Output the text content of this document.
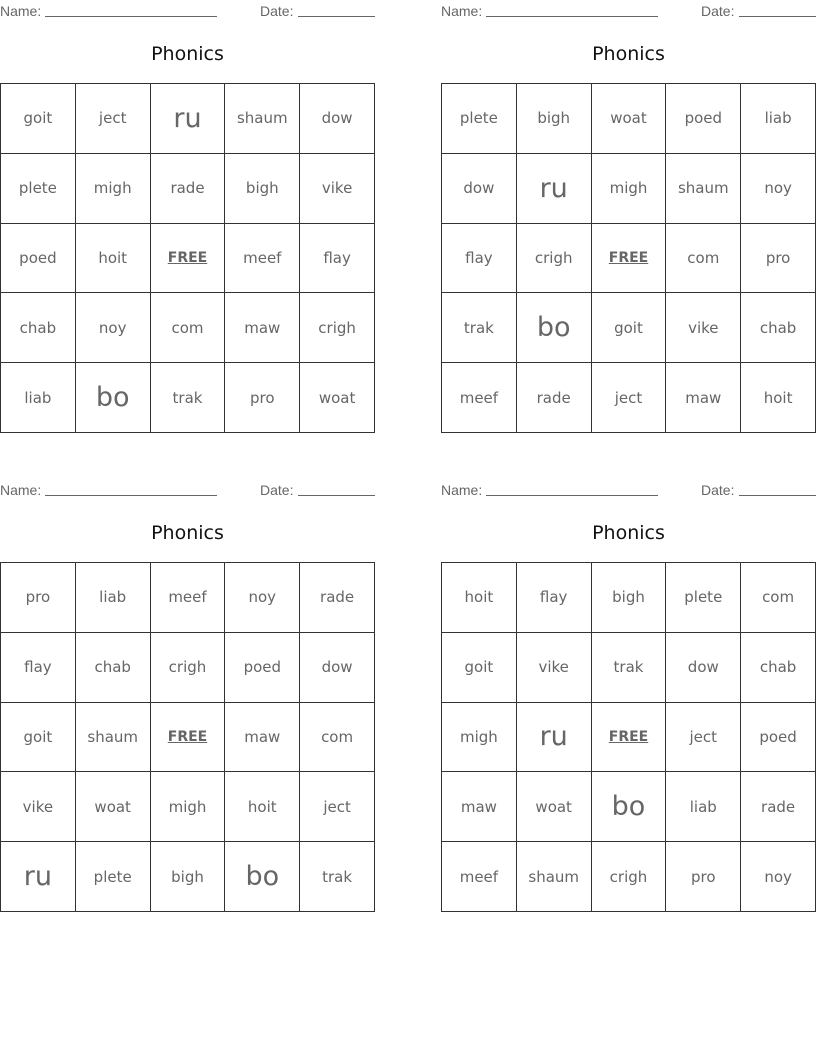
Name:	Date:
Phonics
goit	ject	ru	shaum	dow
plete	migh	rade	bigh	vike
poed	hoit	FREE	meef	flay
chab	noy	com	maw	crigh
liab	bo	trak	pro	woat
Name:	Date:
Phonics
plete	bigh	woat	poed	liab
dow	ru	migh	shaum	noy
flay	crigh	FREE	com	pro
trak	bo	goit	vike	chab
meef	rade	ject	maw	hoit
Name:	Date:
Phonics
pro	liab	meef	noy	rade
flay	chab	crigh	poed	dow
goit	shaum	FREE	maw	com
vike	woat	migh	hoit	ject
ru	plete	bigh	bo	trak
Name:	Date:
Phonics
hoit	flay	bigh	plete	com
goit	vike	trak	dow	chab
migh	ru	FREE	ject	poed
maw	woat	bo	liab	rade
meef	shaum	crigh	pro	noy
